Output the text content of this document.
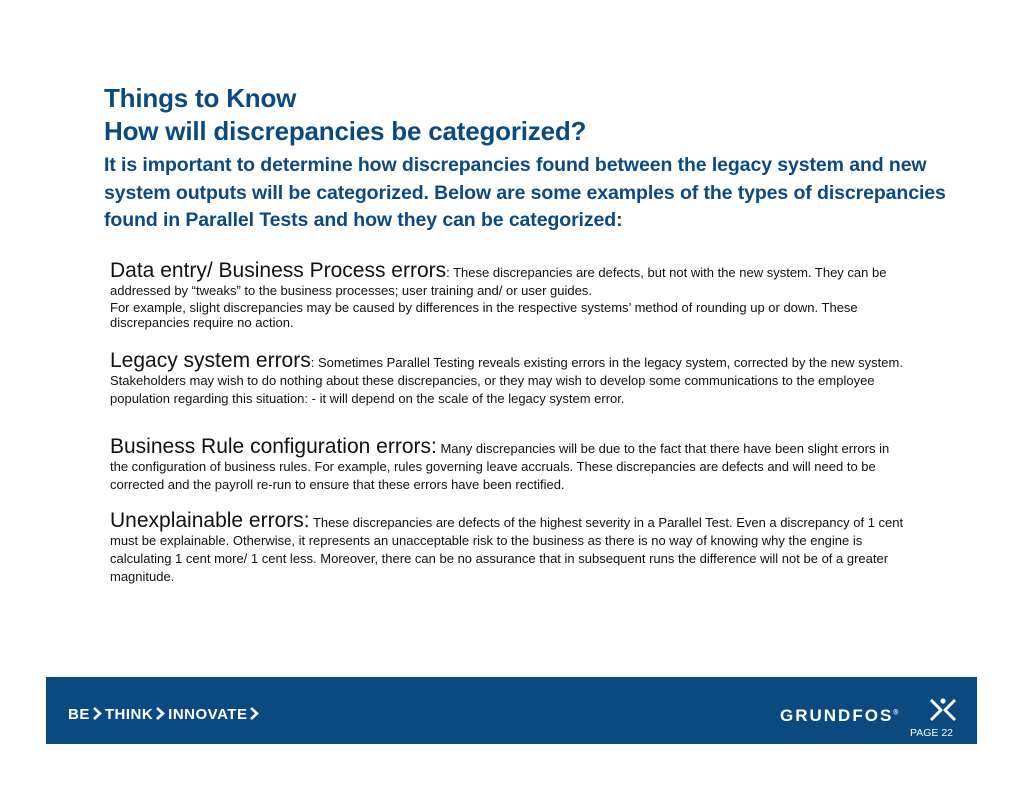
Things to Know
How will discrepancies be categorized?
It is important to determine how discrepancies found between the legacy system and new system outputs will be categorized. Below are some examples of the types of discrepancies found in Parallel Tests and how they can be categorized:
Data entry/ Business Process errors: These discrepancies are defects, but not with the new system. They can be addressed by “tweaks” to the business processes; user training and/ or user guides.
For example, slight discrepancies may be caused by differences in the respective systems’ method of rounding up or down. These discrepancies require no action.
Legacy system errors: Sometimes Parallel Testing reveals existing errors in the legacy system, corrected by the new system. Stakeholders may wish to do nothing about these discrepancies, or they may wish to develop some communications to the employee population regarding this situation: - it will depend on the scale of the legacy system error.
Business Rule configuration errors: Many discrepancies will be due to the fact that there have been slight errors in the configuration of business rules. For example, rules governing leave accruals. These discrepancies are defects and will need to be corrected and the payroll re-run to ensure that these errors have been rectified.
Unexplainable errors: These discrepancies are defects of the highest severity in a Parallel Test. Even a discrepancy of 1 cent must be explainable. Otherwise, it represents an unacceptable risk to the business as there is no way of knowing why the engine is calculating 1 cent more/ 1 cent less. Moreover, there can be no assurance that in subsequent runs the difference will not be of a greater magnitude.
BE THINK INNOVATE	GRUNDFOS®
PAGE 22
